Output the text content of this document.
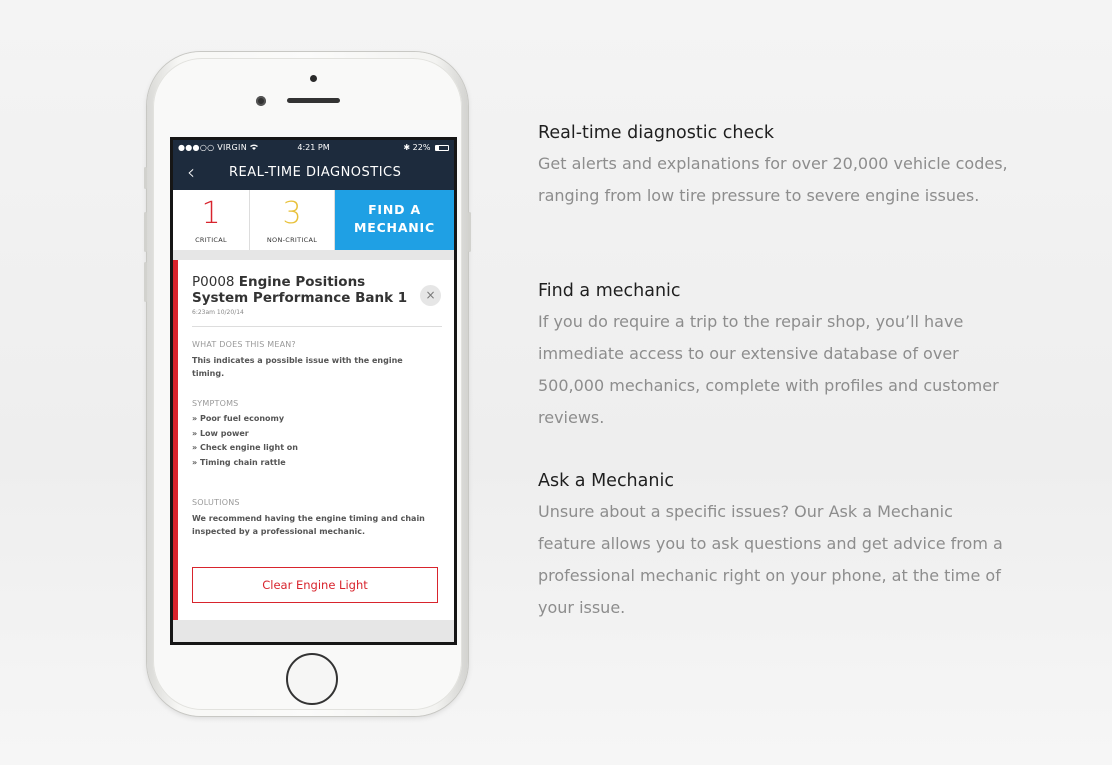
●●●○○ VIRGIN	4:21 PM	✱ 22%
‹	REAL-TIME DIAGNOSTICS
1
CRITICAL
3
NON-CRITICAL
FIND A
MECHANIC
P0008 Engine Positions
System Performance Bank 1
6:23am 10/20/14
×
WHAT DOES THIS MEAN?
This indicates a possible issue with the engine timing.
SYMPTOMS
» Poor fuel economy
» Low power
» Check engine light on
» Timing chain rattle
SOLUTIONS
We recommend having the engine timing and chain inspected by a professional mechanic.
Clear Engine Light
Real-time diagnostic check
Get alerts and explanations for over 20,000 vehicle codes, ranging from low tire pressure to severe engine issues.
Find a mechanic
If you do require a trip to the repair shop, you’ll have immediate access to our extensive database of over 500,000 mechanics, complete with profiles and customer reviews.
Ask a Mechanic
Unsure about a specific issues? Our Ask a Mechanic feature allows you to ask questions and get advice from a professional mechanic right on your phone, at the time of your issue.
